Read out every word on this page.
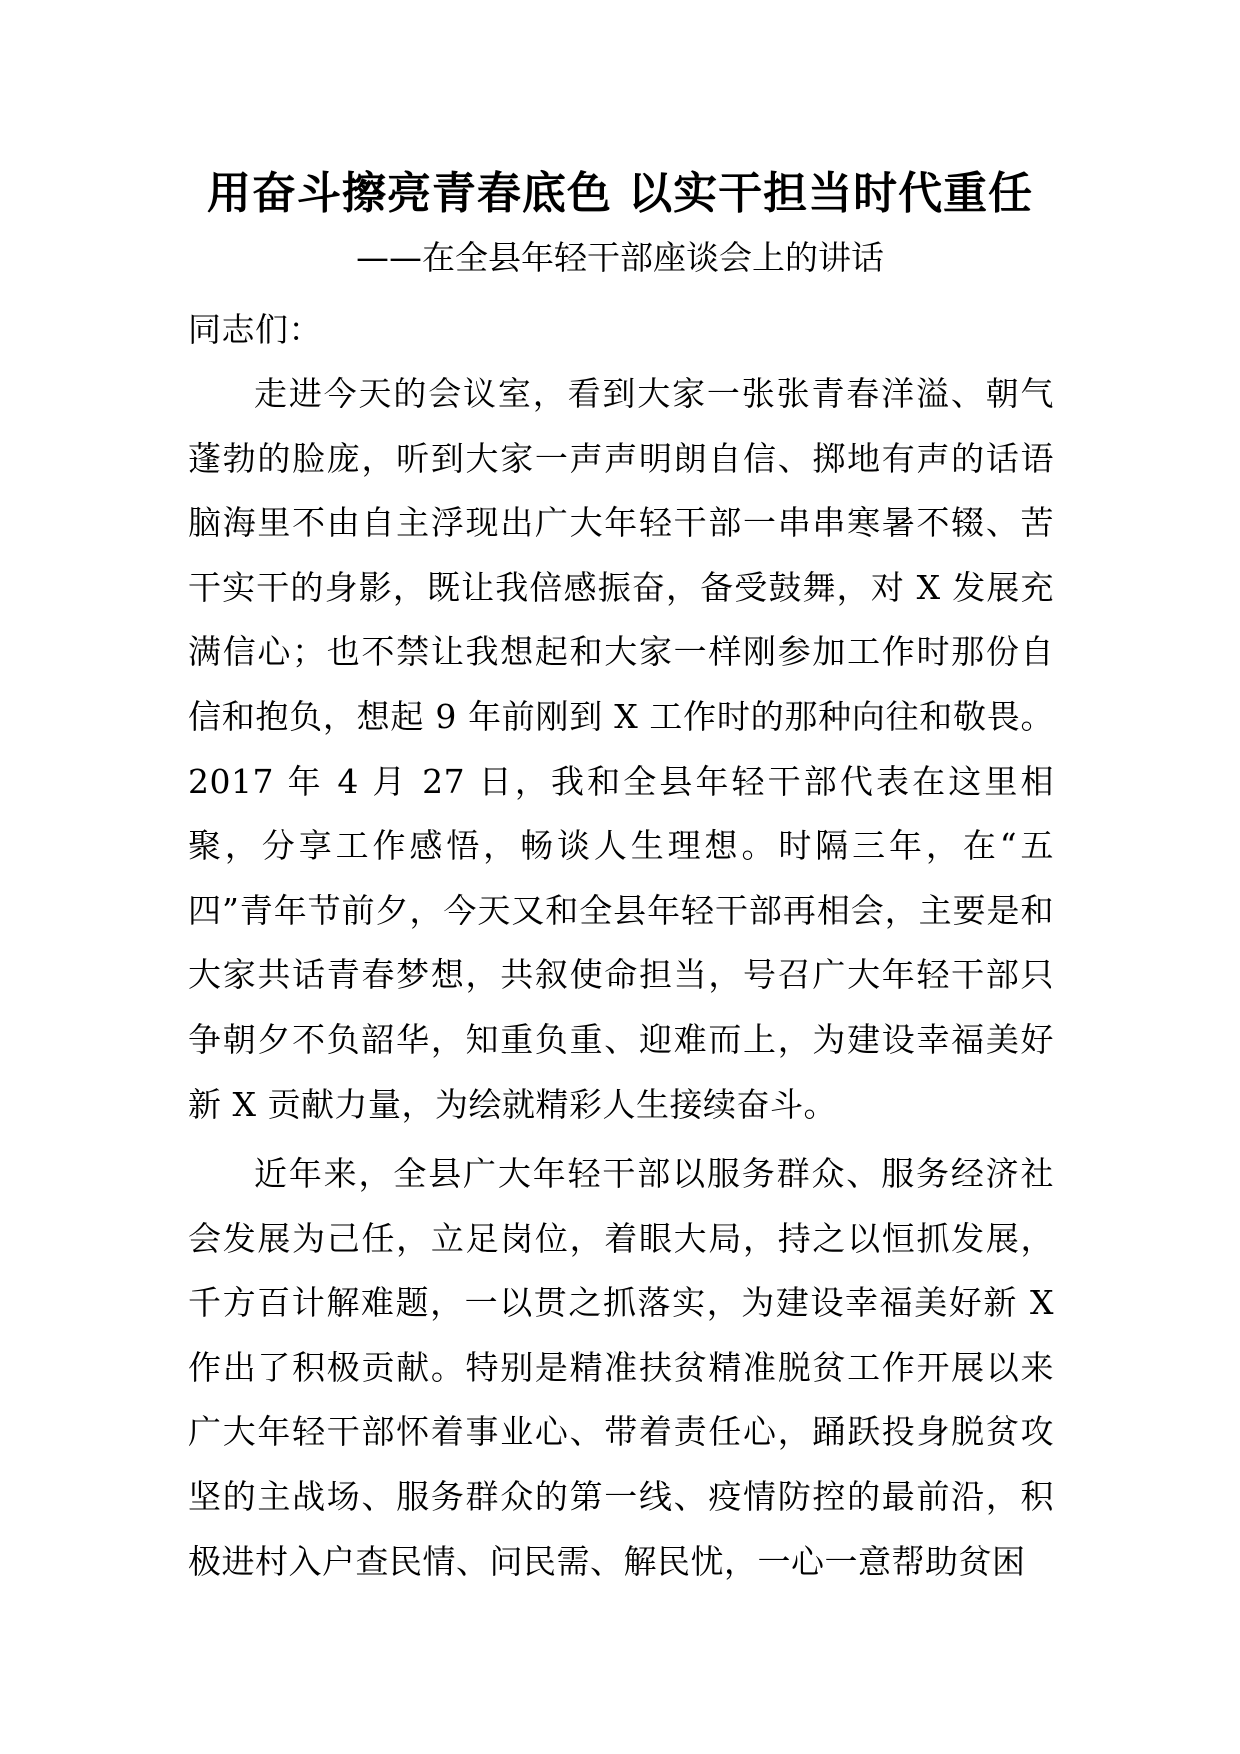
用奋斗擦亮青春底色 以实干担当时代重任
——在全县年轻干部座谈会上的讲话
同志们：

走进今天的会议室，看到大家一张张青春洋溢、朝气蓬勃的脸庞，听到大家一声声明朗自信、掷地有声的话语脑海里不由自主浮现出广大年轻干部一串串寒暑不辍、苦干实干的身影，既让我倍感振奋，备受鼓舞，对 X 发展充满信心；也不禁让我想起和大家一样刚参加工作时那份自信和抱负，想起 9 年前刚到 X 工作时的那种向往和敬畏。2017 年 4 月 27 日，我和全县年轻干部代表在这里相聚，分享工作感悟，畅谈人生理想。时隔三年，在“五四”青年节前夕，今天又和全县年轻干部再相会，主要是和大家共话青春梦想，共叙使命担当，号召广大年轻干部只争朝夕不负韶华，知重负重、迎难而上，为建设幸福美好新 X 贡献力量，为绘就精彩人生接续奋斗。

近年来，全县广大年轻干部以服务群众、服务经济社会发展为己任，立足岗位，着眼大局，持之以恒抓发展，千方百计解难题，一以贯之抓落实，为建设幸福美好新 X 作出了积极贡献。特别是精准扶贫精准脱贫工作开展以来广大年轻干部怀着事业心、带着责任心，踊跃投身脱贫攻坚的主战场、服务群众的第一线、疫情防控的最前沿，积极进村入户查民情、问民需、解民忧，一心一意帮助贫困
